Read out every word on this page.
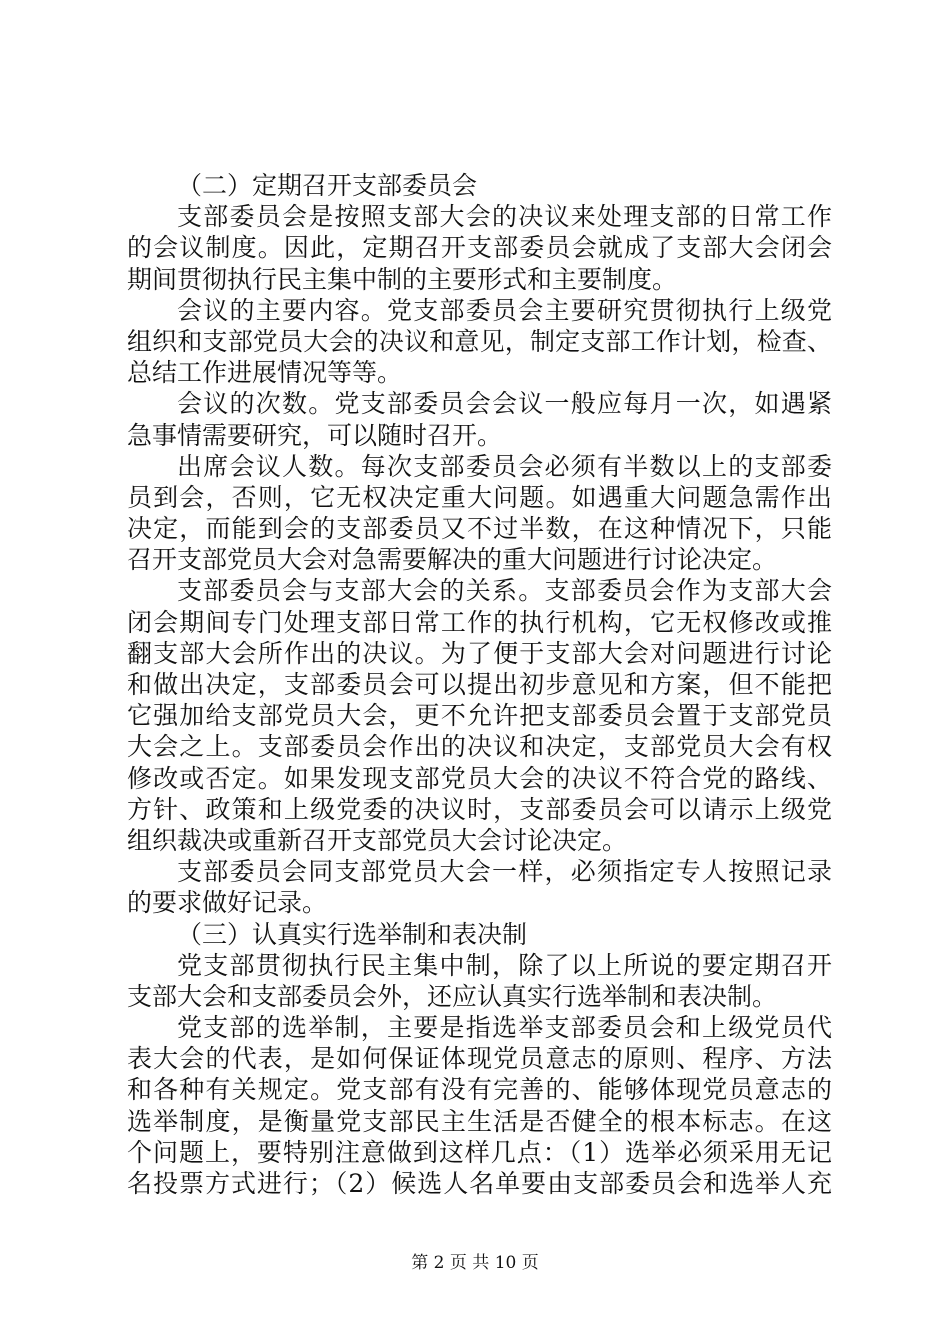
（二）定期召开支部委员会
支部委员会是按照支部大会的决议来处理支部的日常工作
的会议制度。因此，定期召开支部委员会就成了支部大会闭会
期间贯彻执行民主集中制的主要形式和主要制度。
会议的主要内容。党支部委员会主要研究贯彻执行上级党
组织和支部党员大会的决议和意见，制定支部工作计划，检查、
总结工作进展情况等等。
会议的次数。党支部委员会会议一般应每月一次，如遇紧
急事情需要研究，可以随时召开。
出席会议人数。每次支部委员会必须有半数以上的支部委
员到会，否则，它无权决定重大问题。如遇重大问题急需作出
决定，而能到会的支部委员又不过半数，在这种情况下，只能
召开支部党员大会对急需要解决的重大问题进行讨论决定。
支部委员会与支部大会的关系。支部委员会作为支部大会
闭会期间专门处理支部日常工作的执行机构，它无权修改或推
翻支部大会所作出的决议。为了便于支部大会对问题进行讨论
和做出决定，支部委员会可以提出初步意见和方案，但不能把
它强加给支部党员大会，更不允许把支部委员会置于支部党员
大会之上。支部委员会作出的决议和决定，支部党员大会有权
修改或否定。如果发现支部党员大会的决议不符合党的路线、
方针、政策和上级党委的决议时，支部委员会可以请示上级党
组织裁决或重新召开支部党员大会讨论决定。
支部委员会同支部党员大会一样，必须指定专人按照记录
的要求做好记录。
（三）认真实行选举制和表决制
党支部贯彻执行民主集中制，除了以上所说的要定期召开
支部大会和支部委员会外，还应认真实行选举制和表决制。
党支部的选举制，主要是指选举支部委员会和上级党员代
表大会的代表，是如何保证体现党员意志的原则、程序、方法
和各种有关规定。党支部有没有完善的、能够体现党员意志的
选举制度，是衡量党支部民主生活是否健全的根本标志。在这
个问题上，要特别注意做到这样几点：（1）选举必须采用无记
名投票方式进行；（2）候选人名单要由支部委员会和选举人充
第 2 页 共 10 页
